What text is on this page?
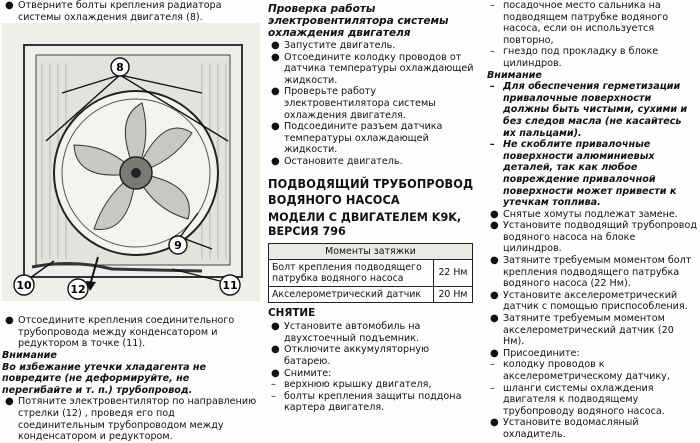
● Отверните болты крепления радиатора системы охлаждения двигателя (8).

8
9
10	11
12

● Отсоедините крепления соединительного трубопровода между конденсатором и редуктором в точке (11).

Внимание

Во избежание утечки хладагента не повредите (не деформируйте, не перегибайте и т. п.) трубопровод.

● Потяните электровентилятор по направлению стрелки (12) , проведя его под соединительным трубопроводом между конденсатором и редуктором.

Проверка работы электровентилятора системы охлаждения двигателя

● Запустите двигатель.

● Отсоедините колодку проводов от датчика температуры охлаждающей жидкости.

● Проверьте работу электровентилятора системы охлаждения двигателя.

● Подсоедините разъем датчика температуры охлаждающей жидкости.

● Остановите двигатель.

ПОДВОДЯЩИЙ ТРУБОПРОВОД ВОДЯНОГО НАСОСА
МОДЕЛИ С ДВИГАТЕЛЕМ K9K, ВЕРСИЯ 796
Моменты затяжки	
Болт крепления подводящего патрубка водяного насоса	22 Нм
Акселерометрический датчик	20 Нм
СНЯТИЕ

● Установите автомобиль на двухстоечный подъемник.

● Отключите аккумуляторную батарею.

● Снимите:

– верхнюю крышку двигателя,

– болты крепления защиты поддона картера двигателя.

– посадочное место сальника на подводящем патрубке водяного насоса, если он используется повторно,

– гнездо под прокладку в блоке цилиндров.

Внимание

– Для обеспечения герметизации привалочные поверхности должны быть чистыми, сухими и без следов масла (не касайтесь их пальцами).

– Не скоблите привалочные поверхности алюминиевых деталей, так как любое повреждение привалочной поверхности может привести к утечкам топлива.

● Снятые хомуты подлежат замене.

● Установите подводящий трубопровод водяного насоса на блоке цилиндров.

● Затяните требуемым моментом болт крепления подводящего патрубка водяного насоса (22 Нм).

● Установите акселерометрический датчик с помощью приспособления.

● Затяните требуемым моментом акселерометрический датчик (20 Нм).

● Присоедините:

– колодку проводов к акселерометрическому датчику,

– шланги системы охлаждения двигателя к подводящему трубопроводу водяного насоса.

● Установите водомасляный охладитель.
